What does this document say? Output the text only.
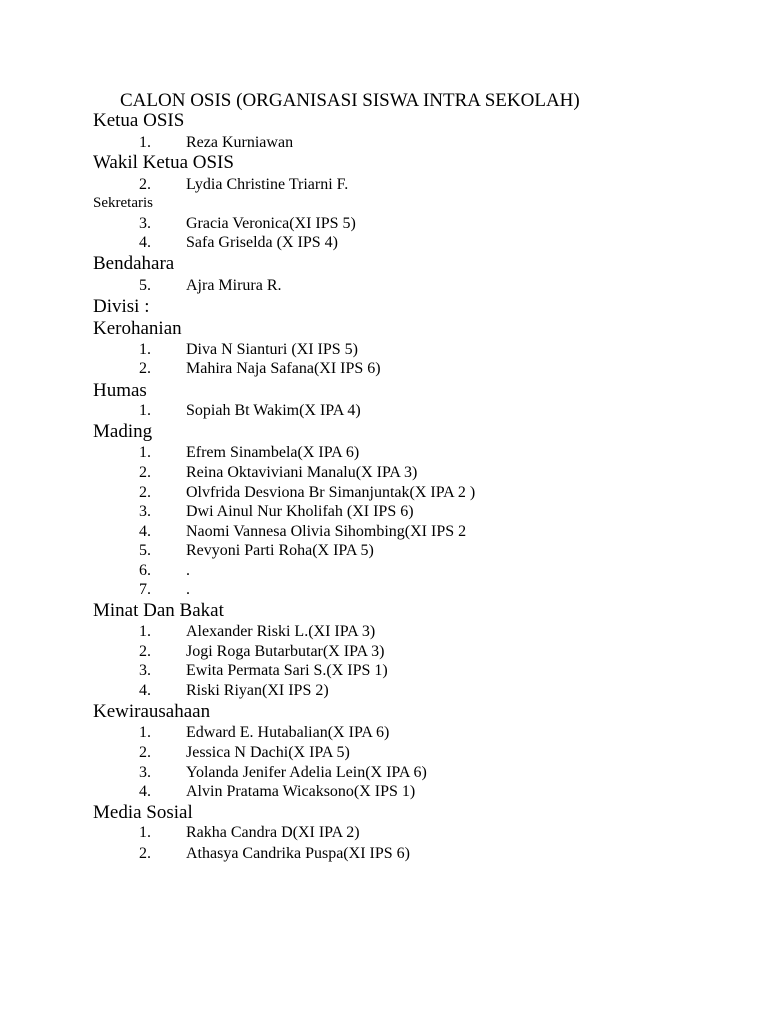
CALON OSIS (ORGANISASI SISWA INTRA SEKOLAH)
Ketua OSIS
1.	Reza Kurniawan
Wakil Ketua OSIS
2.	Lydia Christine Triarni F.
Sekretaris
3.	Gracia Veronica(XI IPS 5)
4.	Safa Griselda (X IPS 4)
Bendahara
5.	Ajra Mirura R.
Divisi :
Kerohanian
1.	Diva N Sianturi (XI IPS 5)
2.	Mahira Naja Safana(XI IPS 6)
Humas
1.	Sopiah Bt Wakim(X IPA 4)
Mading
1.	Efrem Sinambela(X IPA 6)
2.	Reina Oktaviviani Manalu(X IPA 3)
2.	Olvfrida Desviona Br Simanjuntak(X IPA 2 )
3.	Dwi Ainul Nur Kholifah (XI IPS 6)
4.	Naomi Vannesa Olivia Sihombing(XI IPS 2
5.	Revyoni Parti Roha(X IPA 5)
6.	.
7.	.
Minat Dan Bakat
1.	Alexander Riski L.(XI IPA 3)
2.	Jogi Roga Butarbutar(X IPA 3)
3.	Ewita Permata Sari S.(X IPS 1)
4.	Riski Riyan(XI IPS 2)
Kewirausahaan
1.	Edward E. Hutabalian(X IPA 6)
2.	Jessica N Dachi(X IPA 5)
3.	Yolanda Jenifer Adelia Lein(X IPA 6)
4.	Alvin Pratama Wicaksono(X IPS 1)
Media Sosial
1.	Rakha Candra D(XI IPA 2)
2.	Athasya Candrika Puspa(XI IPS 6)
